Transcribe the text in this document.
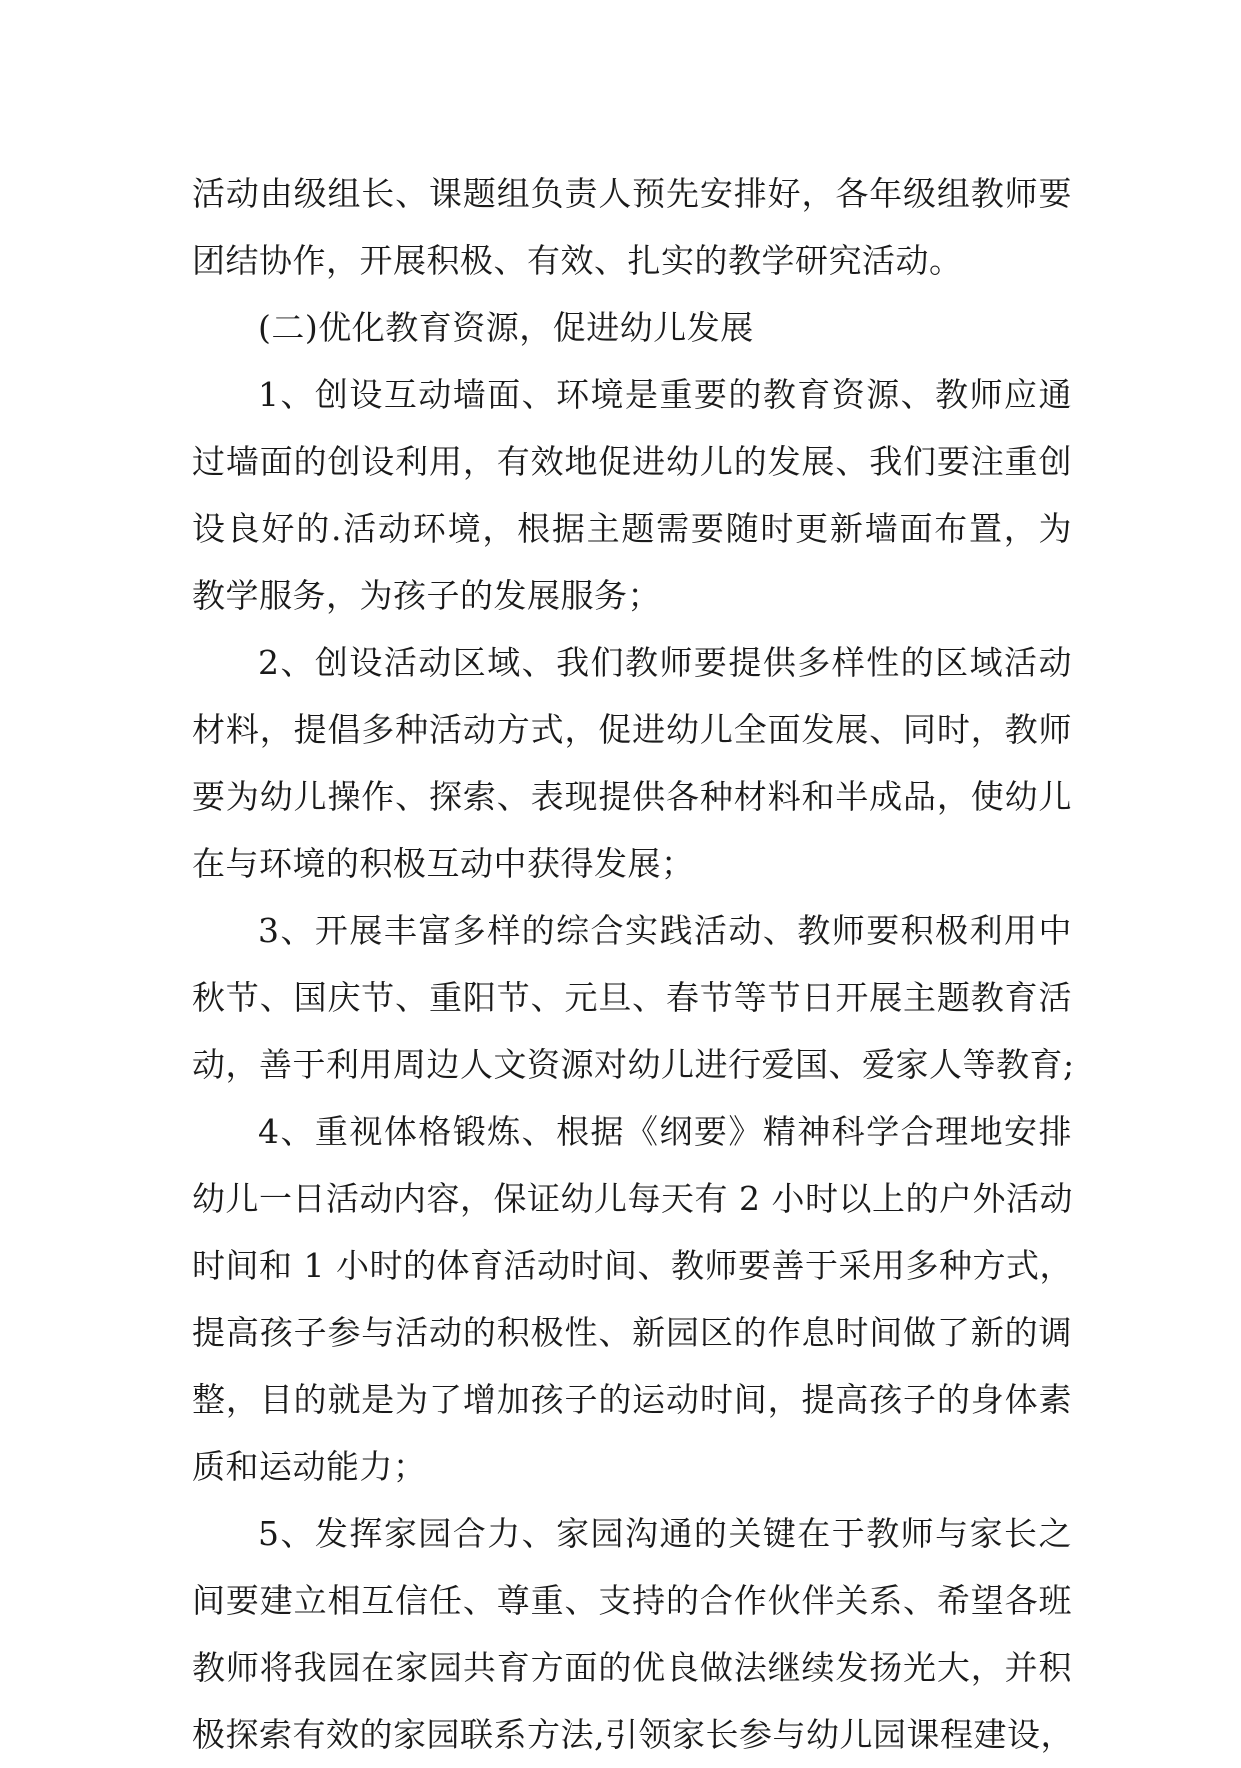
活动由级组长、课题组负责人预先安排好，各年级组教师要
团结协作，开展积极、有效、扎实的教学研究活动。
(二)优化教育资源，促进幼儿发展
1、创设互动墙面、环境是重要的教育资源、教师应通
过墙面的创设利用，有效地促进幼儿的发展、我们要注重创
设良好的.活动环境，根据主题需要随时更新墙面布置，为
教学服务，为孩子的发展服务；
2、创设活动区域、我们教师要提供多样性的区域活动
材料，提倡多种活动方式，促进幼儿全面发展、同时，教师
要为幼儿操作、探索、表现提供各种材料和半成品，使幼儿
在与环境的积极互动中获得发展；
3、开展丰富多样的综合实践活动、教师要积极利用中
秋节、国庆节、重阳节、元旦、春节等节日开展主题教育活
动，善于利用周边人文资源对幼儿进行爱国、爱家人等教育;
4、重视体格锻炼、根据《纲要》精神科学合理地安排
幼儿一日活动内容，保证幼儿每天有 2 小时以上的户外活动
时间和 1 小时的体育活动时间、教师要善于采用多种方式，
提高孩子参与活动的积极性、新园区的作息时间做了新的调
整，目的就是为了增加孩子的运动时间，提高孩子的身体素
质和运动能力；
5、发挥家园合力、家园沟通的关键在于教师与家长之
间要建立相互信任、尊重、支持的合作伙伴关系、希望各班
教师将我园在家园共育方面的优良做法继续发扬光大，并积
极探索有效的家园联系方法,引领家长参与幼儿园课程建设，
